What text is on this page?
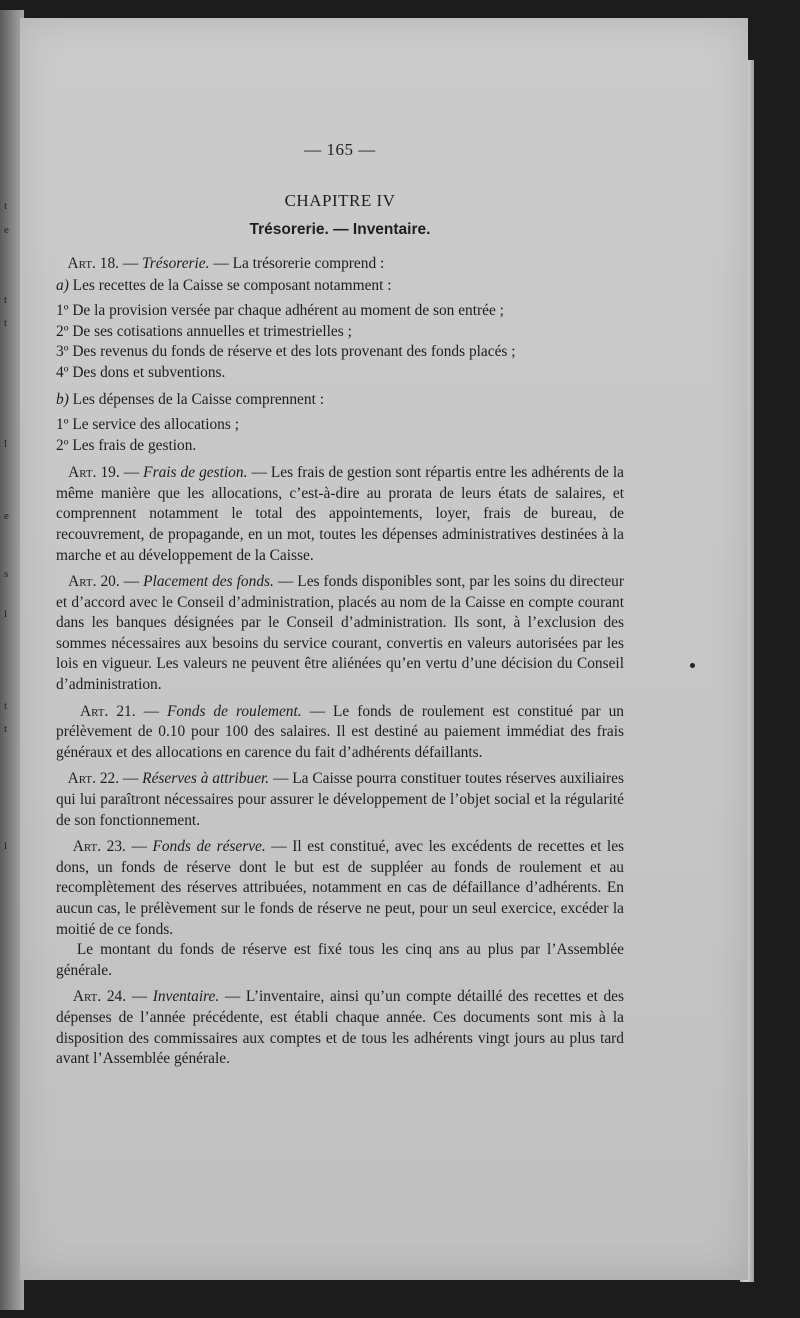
t
e
t
t
l
e
s
l
t
t
l
— 165 —
CHAPITRE IV
Trésorerie. — Inventaire.

Art. 18. — Trésorerie. — La trésorerie comprend :

a) Les recettes de la Caisse se composant notamment :

1º De la provision versée par chaque adhérent au moment de son entrée ;

2º De ses cotisations annuelles et trimestrielles ;

3º Des revenus du fonds de réserve et des lots provenant des fonds placés ;

4º Des dons et subventions.

b) Les dépenses de la Caisse comprennent :

1º Le service des allocations ;

2º Les frais de gestion.

Art. 19. — Frais de gestion. — Les frais de gestion sont répartis entre les adhérents de la même manière que les allocations, c’est-à-dire au prorata de leurs états de salaires, et comprennent notamment le total des appointements, loyer, frais de bureau, de recouvrement, de propagande, en un mot, toutes les dépenses administratives destinées à la marche et au développement de la Caisse.

Art. 20. — Placement des fonds. — Les fonds disponibles sont, par les soins du directeur et d’accord avec le Conseil d’administration, placés au nom de la Caisse en compte courant dans les banques désignées par le Conseil d’administration. Ils sont, à l’exclusion des sommes nécessaires aux besoins du service courant, convertis en valeurs autorisées par les lois en vigueur. Les valeurs ne peuvent être aliénées qu’en vertu d’une décision du Conseil d’administration.

Art. 21. — Fonds de roulement. — Le fonds de roulement est constitué par un prélèvement de 0.10 pour 100 des salaires. Il est destiné au paiement immédiat des frais généraux et des allocations en carence du fait d’adhérents défaillants.

Art. 22. — Réserves à attribuer. — La Caisse pourra constituer toutes réserves auxiliaires qui lui paraîtront nécessaires pour assurer le développement de l’objet social et la régularité de son fonctionnement.

Art. 23. — Fonds de réserve. — Il est constitué, avec les excédents de recettes et les dons, un fonds de réserve dont le but est de suppléer au fonds de roulement et au recomplètement des réserves attribuées, notamment en cas de défaillance d’adhérents. En aucun cas, le prélèvement sur le fonds de réserve ne peut, pour un seul exercice, excéder la moitié de ce fonds.

Le montant du fonds de réserve est fixé tous les cinq ans au plus par l’Assemblée générale.

Art. 24. — Inventaire. — L’inventaire, ainsi qu’un compte détaillé des recettes et des dépenses de l’année précédente, est établi chaque année. Ces documents sont mis à la disposition des commissaires aux comptes et de tous les adhérents vingt jours au plus tard avant l’Assemblée générale.
